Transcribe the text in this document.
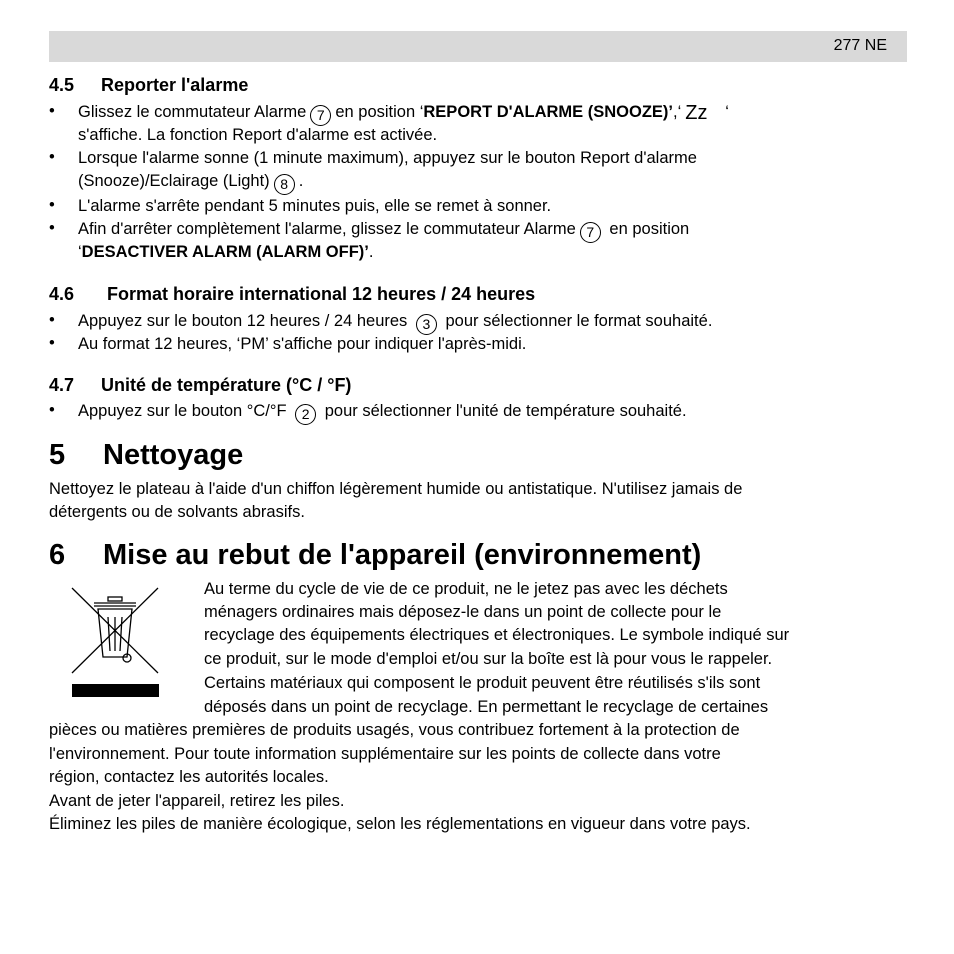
277 NE
4.5 Reporter l'alarme
• Glissez le commutateur Alarme 7 en position ‘REPORT D'ALARME (SNOOZE)’,‘ Zz ‘
s'affiche. La fonction Report d'alarme est activée.
• Lorsque l'alarme sonne (1 minute maximum), appuyez sur le bouton Report d'alarme
(Snooze)/Eclairage (Light) 8 .
• L'alarme s'arrête pendant 5 minutes puis, elle se remet à sonner.
• Afin d'arrêter complètement l'alarme, glissez le commutateur Alarme 7 en position
‘DESACTIVER ALARM (ALARM OFF)’.
4.6 Format horaire international 12 heures / 24 heures
• Appuyez sur le bouton 12 heures / 24 heures 3 pour sélectionner le format souhaité.
• Au format 12 heures, ‘PM’ s'affiche pour indiquer l'après-midi.
4.7 Unité de température (°C / °F)
• Appuyez sur le bouton °C/°F 2 pour sélectionner l'unité de température souhaité.
5 Nettoyage
Nettoyez le plateau à l'aide d'un chiffon légèrement humide ou antistatique. N'utilisez jamais de
détergents ou de solvants abrasifs.
6 Mise au rebut de l'appareil (environnement)
Au terme du cycle de vie de ce produit, ne le jetez pas avec les déchets
ménagers ordinaires mais déposez-le dans un point de collecte pour le
recyclage des équipements électriques et électroniques. Le symbole indiqué sur
ce produit, sur le mode d'emploi et/ou sur la boîte est là pour vous le rappeler.
Certains matériaux qui composent le produit peuvent être réutilisés s'ils sont
déposés dans un point de recyclage. En permettant le recyclage de certaines
pièces ou matières premières de produits usagés, vous contribuez fortement à la protection de
l'environnement. Pour toute information supplémentaire sur les points de collecte dans votre
région, contactez les autorités locales.
Avant de jeter l'appareil, retirez les piles.
Éliminez les piles de manière écologique, selon les réglementations en vigueur dans votre pays.
